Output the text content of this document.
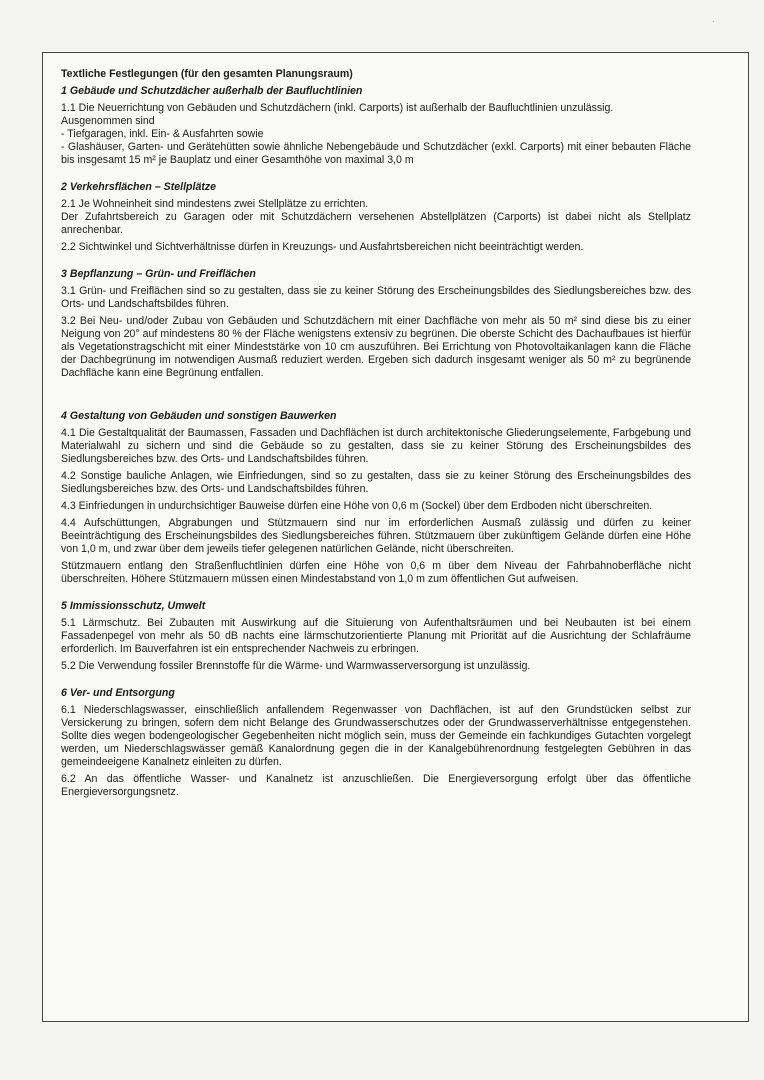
·
Textliche Festlegungen (für den gesamten Planungsraum)
1 Gebäude und Schutzdächer außerhalb der Baufluchtlinien
1.1 Die Neuerrichtung von Gebäuden und Schutzdächern (inkl. Carports) ist außerhalb der Baufluchtlinien unzulässig.
Ausgenommen sind
- Tiefgaragen, inkl. Ein- & Ausfahrten sowie
- Glashäuser, Garten- und Gerätehütten sowie ähnliche Nebengebäude und Schutzdächer (exkl. Carports) mit einer bebauten Fläche bis insgesamt 15 m² je Bauplatz und einer Gesamthöhe von maximal 3,0 m
2 Verkehrsflächen – Stellplätze
2.1 Je Wohneinheit sind mindestens zwei Stellplätze zu errichten.
Der Zufahrtsbereich zu Garagen oder mit Schutzdächern versehenen Abstellplätzen (Carports) ist dabei nicht als Stellplatz anrechenbar.
2.2 Sichtwinkel und Sichtverhältnisse dürfen in Kreuzungs- und Ausfahrtsbereichen nicht beeinträchtigt werden.
3 Bepflanzung – Grün- und Freiflächen
3.1 Grün- und Freiflächen sind so zu gestalten, dass sie zu keiner Störung des Erscheinungsbildes des Siedlungsbereiches bzw. des Orts- und Landschaftsbildes führen.
3.2 Bei Neu- und/oder Zubau von Gebäuden und Schutzdächern mit einer Dachfläche von mehr als 50 m² sind diese bis zu einer Neigung von 20° auf mindestens 80 % der Fläche wenigstens extensiv zu begrünen. Die oberste Schicht des Dachaufbaues ist hierfür als Vegetationstragschicht mit einer Mindeststärke von 10 cm auszuführen. Bei Errichtung von Photovoltaikanlagen kann die Fläche der Dachbegrünung im notwendigen Ausmaß reduziert werden. Ergeben sich dadurch insgesamt weniger als 50 m² zu begrünende Dachfläche kann eine Begrünung entfallen.
4 Gestaltung von Gebäuden und sonstigen Bauwerken
4.1 Die Gestaltqualität der Baumassen, Fassaden und Dachflächen ist durch architektonische Gliederungselemente, Farbgebung und Materialwahl zu sichern und sind die Gebäude so zu gestalten, dass sie zu keiner Störung des Erscheinungsbildes des Siedlungsbereiches bzw. des Orts- und Landschaftsbildes führen.
4.2 Sonstige bauliche Anlagen, wie Einfriedungen, sind so zu gestalten, dass sie zu keiner Störung des Erscheinungsbildes des Siedlungsbereiches bzw. des Orts- und Landschaftsbildes führen.
4.3 Einfriedungen in undurchsichtiger Bauweise dürfen eine Höhe von 0,6 m (Sockel) über dem Erdboden nicht überschreiten.
4.4 Aufschüttungen, Abgrabungen und Stützmauern sind nur im erforderlichen Ausmaß zulässig und dürfen zu keiner Beeinträchtigung des Erscheinungsbildes des Siedlungsbereiches führen. Stützmauern über zukünftigem Gelände dürfen eine Höhe von 1,0 m, und zwar über dem jeweils tiefer gelegenen natürlichen Gelände, nicht überschreiten.
Stützmauern entlang den Straßenfluchtlinien dürfen eine Höhe von 0,6 m über dem Niveau der Fahrbahnoberfläche nicht überschreiten. Höhere Stützmauern müssen einen Mindestabstand von 1,0 m zum öffentlichen Gut aufweisen.
5 Immissionsschutz, Umwelt
5.1 Lärmschutz. Bei Zubauten mit Auswirkung auf die Situierung von Aufenthaltsräumen und bei Neubauten ist bei einem Fassadenpegel von mehr als 50 dB nachts eine lärmschutzorientierte Planung mit Priorität auf die Ausrichtung der Schlafräume erforderlich. Im Bauverfahren ist ein entsprechender Nachweis zu erbringen.
5.2 Die Verwendung fossiler Brennstoffe für die Wärme- und Warmwasserversorgung ist unzulässig.
6 Ver- und Entsorgung
6.1 Niederschlagswasser, einschließlich anfallendem Regenwasser von Dachflächen, ist auf den Grundstücken selbst zur Versickerung zu bringen, sofern dem nicht Belange des Grundwasserschutzes oder der Grundwasserverhältnisse entgegenstehen. Sollte dies wegen bodengeologischer Gegebenheiten nicht möglich sein, muss der Gemeinde ein fachkundiges Gutachten vorgelegt werden, um Niederschlagswässer gemäß Kanalordnung gegen die in der Kanalgebührenordnung festgelegten Gebühren in das gemeindeeigene Kanalnetz einleiten zu dürfen.
6.2 An das öffentliche Wasser- und Kanalnetz ist anzuschließen. Die Energieversorgung erfolgt über das öffentliche Energieversorgungsnetz.
